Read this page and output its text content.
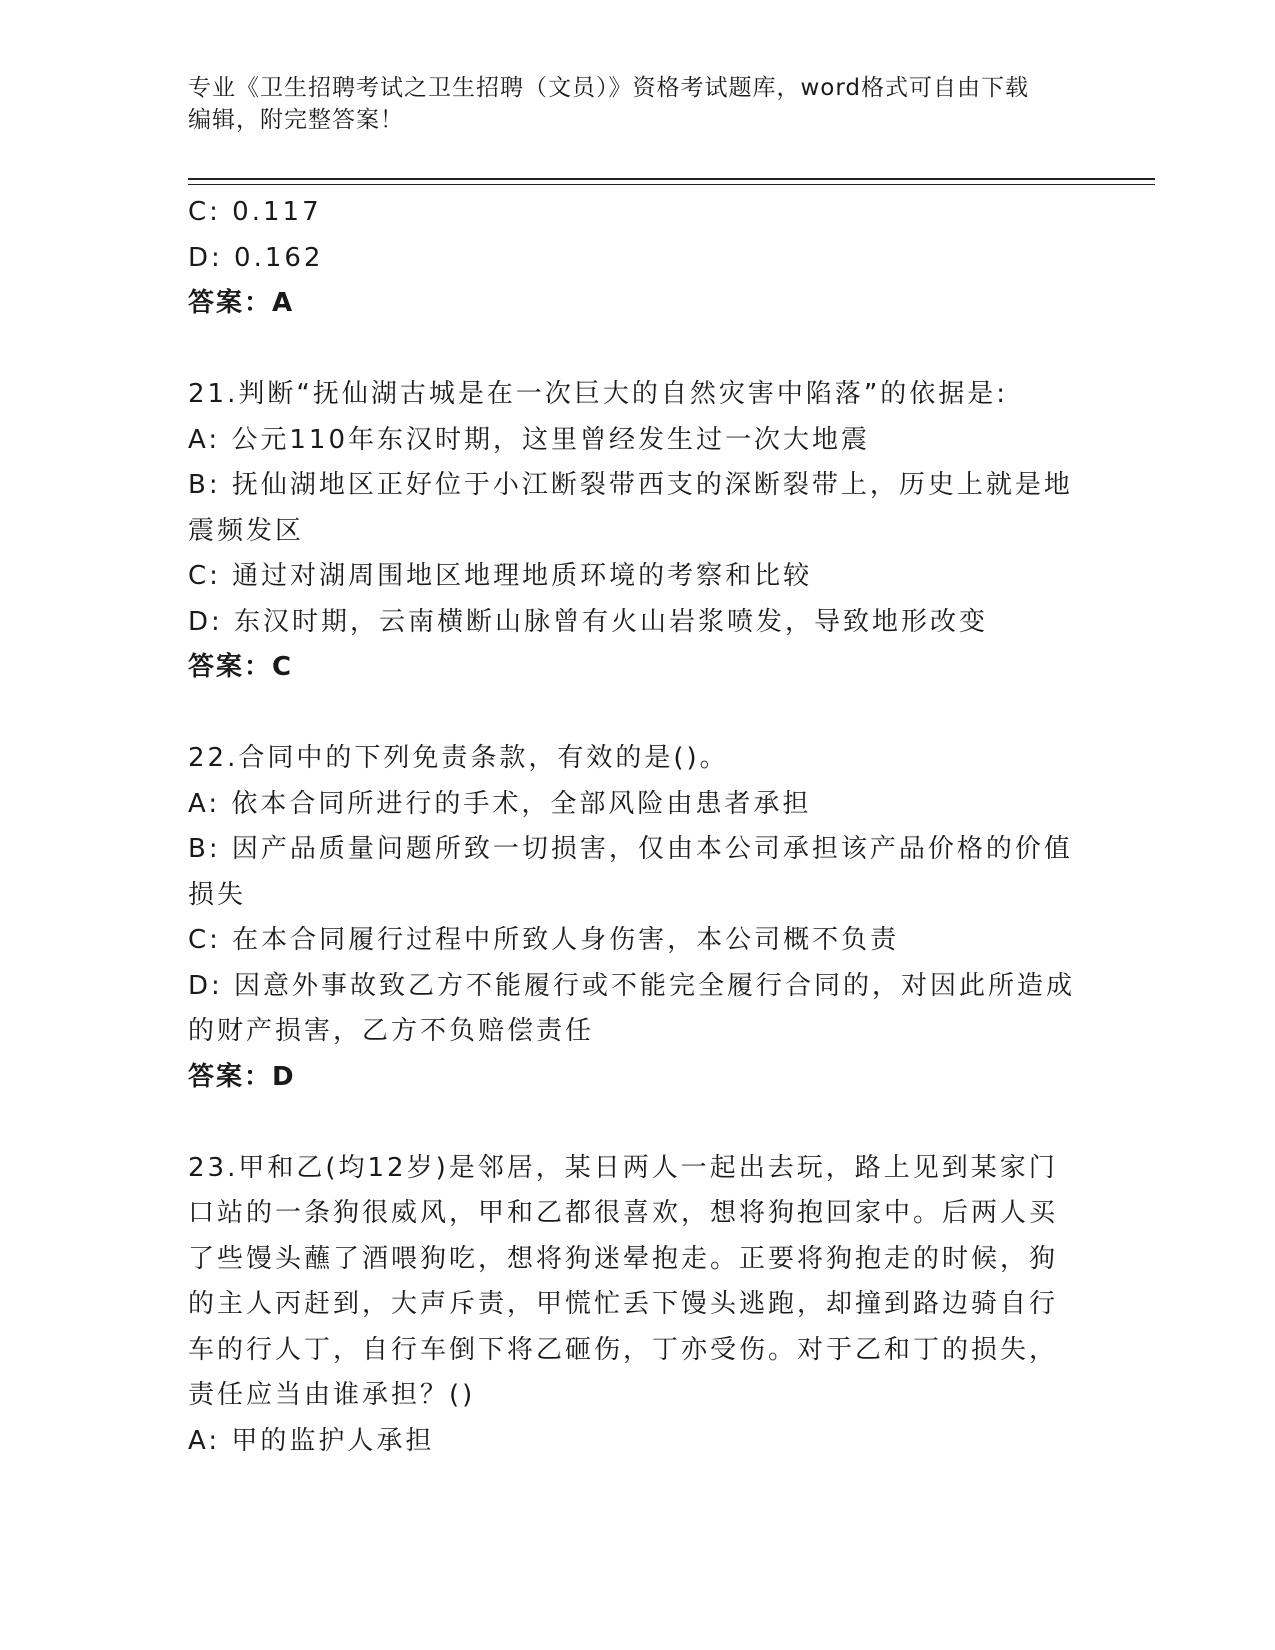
专业《卫生招聘考试之卫生招聘（文员）》资格考试题库，word格式可自由下载
编辑，附完整答案！

C: 0.117

D: 0.162

答案：A

21.判断“抚仙湖古城是在一次巨大的自然灾害中陷落”的依据是:

A: 公元110年东汉时期，这里曾经发生过一次大地震

B: 抚仙湖地区正好位于小江断裂带西支的深断裂带上，历史上就是地

震频发区

C: 通过对湖周围地区地理地质环境的考察和比较

D: 东汉时期，云南横断山脉曾有火山岩浆喷发，导致地形改变

答案：C

22.合同中的下列免责条款，有效的是()。

A: 依本合同所进行的手术，全部风险由患者承担

B: 因产品质量问题所致一切损害，仅由本公司承担该产品价格的价值

损失

C: 在本合同履行过程中所致人身伤害，本公司概不负责

D: 因意外事故致乙方不能履行或不能完全履行合同的，对因此所造成

的财产损害，乙方不负赔偿责任

答案：D

23.甲和乙(均12岁)是邻居，某日两人一起出去玩，路上见到某家门

口站的一条狗很威风，甲和乙都很喜欢，想将狗抱回家中。后两人买

了些馒头蘸了酒喂狗吃，想将狗迷晕抱走。正要将狗抱走的时候，狗

的主人丙赶到，大声斥责，甲慌忙丢下馒头逃跑，却撞到路边骑自行

车的行人丁，自行车倒下将乙砸伤，丁亦受伤。对于乙和丁的损失，

责任应当由谁承担？()

A: 甲的监护人承担
